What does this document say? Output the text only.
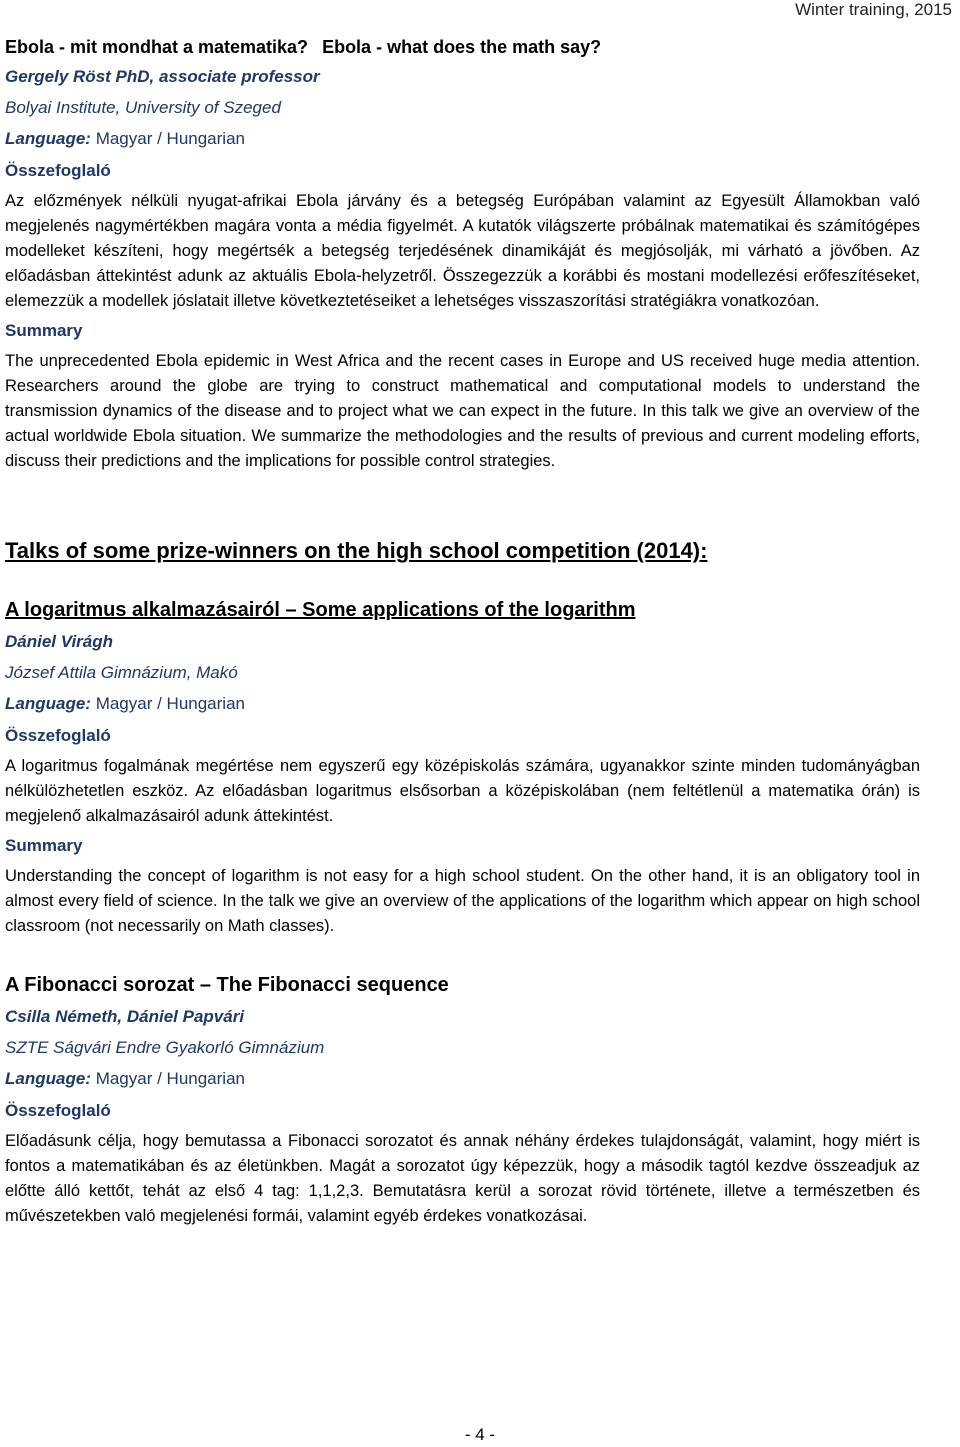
Winter training, 2015
Ebola - mit mondhat a matematika? Ebola - what does the math say?
Gergely Röst PhD, associate professor
Bolyai Institute, University of Szeged
Language: Magyar / Hungarian
Összefoglaló

Az előzmények nélküli nyugat-afrikai Ebola járvány és a betegség Európában valamint az Egyesült Államokban való megjelenés nagymértékben magára vonta a média figyelmét. A kutatók világszerte próbálnak matematikai és számítógépes modelleket készíteni, hogy megértsék a betegség terjedésének dinamikáját és megjósolják, mi várható a jövőben. Az előadásban áttekintést adunk az aktuális Ebola-helyzetről. Összegezzük a korábbi és mostani modellezési erőfeszítéseket, elemezzük a modellek jóslatait illetve következtetéseiket a lehetséges visszaszorítási stratégiákra vonatkozóan.

Summary

The unprecedented Ebola epidemic in West Africa and the recent cases in Europe and US received huge media attention. Researchers around the globe are trying to construct mathematical and computational models to understand the transmission dynamics of the disease and to project what we can expect in the future. In this talk we give an overview of the actual worldwide Ebola situation. We summarize the methodologies and the results of previous and current modeling efforts, discuss their predictions and the implications for possible control strategies.

Talks of some prize-winners on the high school competition (2014):
A logaritmus alkalmazásairól – Some applications of the logarithm
Dániel Virágh
József Attila Gimnázium, Makó
Language: Magyar / Hungarian
Összefoglaló

A logaritmus fogalmának megértése nem egyszerű egy középiskolás számára, ugyanakkor szinte minden tudományágban nélkülözhetetlen eszköz. Az előadásban logaritmus elsősorban a középiskolában (nem feltétlenül a matematika órán) is megjelenő alkalmazásairól adunk áttekintést.

Summary

Understanding the concept of logarithm is not easy for a high school student. On the other hand, it is an obligatory tool in almost every field of science. In the talk we give an overview of the applications of the logarithm which appear on high school classroom (not necessarily on Math classes).

A Fibonacci sorozat – The Fibonacci sequence
Csilla Németh, Dániel Papvári
SZTE Ságvári Endre Gyakorló Gimnázium
Language: Magyar / Hungarian
Összefoglaló

Előadásunk célja, hogy bemutassa a Fibonacci sorozatot és annak néhány érdekes tulajdonságát, valamint, hogy miért is fontos a matematikában és az életünkben. Magát a sorozatot úgy képezzük, hogy a második tagtól kezdve összeadjuk az előtte álló kettőt, tehát az első 4 tag: 1,1,2,3. Bemutatásra kerül a sorozat rövid története, illetve a természetben és művészetekben való megjelenési formái, valamint egyéb érdekes vonatkozásai.

- 4 -
